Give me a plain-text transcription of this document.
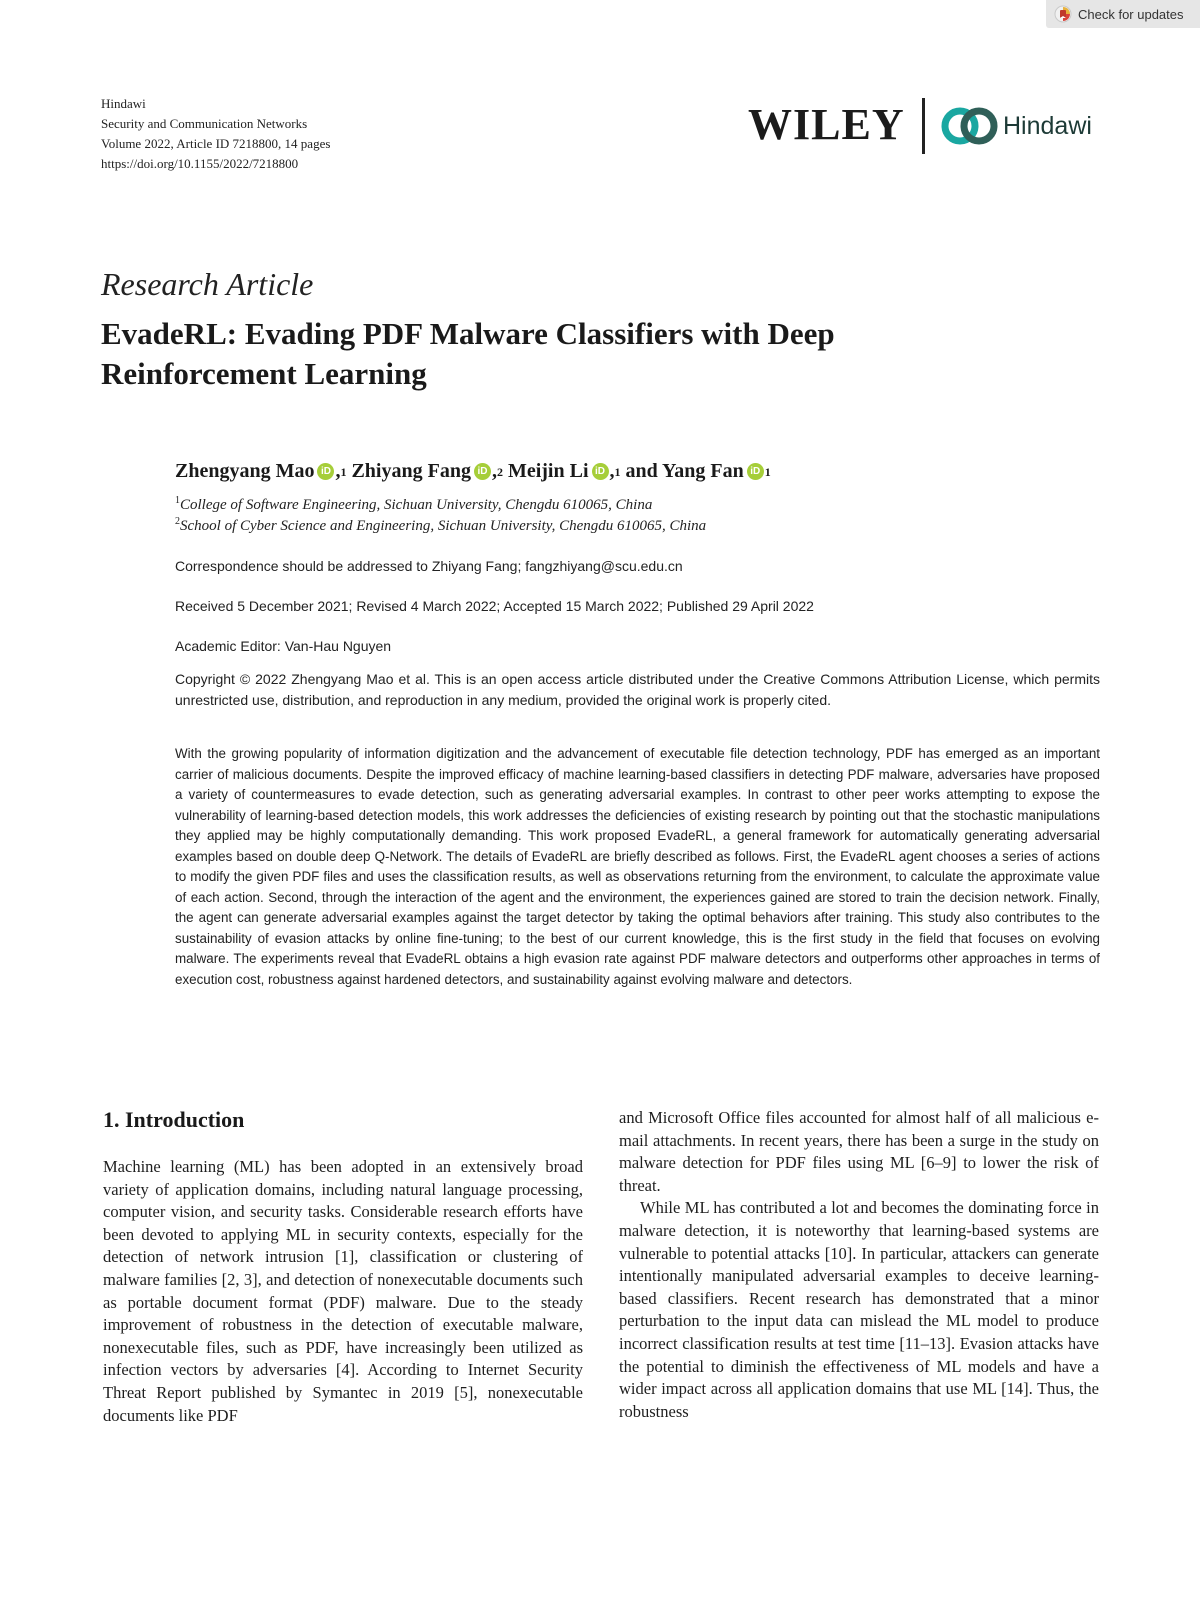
Check for updates
Hindawi
Security and Communication Networks
Volume 2022, Article ID 7218800, 14 pages
https://doi.org/10.1155/2022/7218800
WILEY	Hindawi
Research Article
EvadeRL: Evading PDF Malware Classifiers with Deep Reinforcement Learning
Zhengyang Mao iD , 1
Zhiyang Fang iD , 2
Meijin Li iD , 1
and Yang Fan iD 1
$^1$College of Software Engineering, Sichuan University, Chengdu 610065, China
$^2$School of Cyber Science and Engineering, Sichuan University, Chengdu 610065, China
Correspondence should be addressed to Zhiyang Fang; fangzhiyang@scu.edu.cn
Received 5 December 2021; Revised 4 March 2022; Accepted 15 March 2022; Published 29 April 2022
Academic Editor: Van-Hau Nguyen
Copyright © 2022 Zhengyang Mao et al. This is an open access article distributed under the Creative Commons Attribution License, which permits unrestricted use, distribution, and reproduction in any medium, provided the original work is properly cited.
With the growing popularity of information digitization and the advancement of executable file detection technology, PDF has emerged as an important carrier of malicious documents. Despite the improved efficacy of machine learning-based classifiers in detecting PDF malware, adversaries have proposed a variety of countermeasures to evade detection, such as generating adversarial examples. In contrast to other peer works attempting to expose the vulnerability of learning-based detection models, this work addresses the deficiencies of existing research by pointing out that the stochastic manipulations they applied may be highly computationally demanding. This work proposed EvadeRL, a general framework for automatically generating adversarial examples based on double deep Q-Network. The details of EvadeRL are briefly described as follows. First, the EvadeRL agent chooses a series of actions to modify the given PDF files and uses the classification results, as well as observations returning from the environment, to calculate the approximate value of each action. Second, through the interaction of the agent and the environment, the experiences gained are stored to train the decision network. Finally, the agent can generate adversarial examples against the target detector by taking the optimal behaviors after training. This study also contributes to the sustainability of evasion attacks by online fine-tuning; to the best of our current knowledge, this is the first study in the field that focuses on evolving malware. The experiments reveal that EvadeRL obtains a high evasion rate against PDF malware detectors and outperforms other approaches in terms of execution cost, robustness against hardened detectors, and sustainability against evolving malware and detectors.
1. Introduction

Machine learning (ML) has been adopted in an extensively broad variety of application domains, including natural language processing, computer vision, and security tasks. Considerable research efforts have been devoted to applying ML in security contexts, especially for the detection of network intrusion [1], classification or clustering of malware families [2, 3], and detection of nonexecutable documents such as portable document format (PDF) malware. Due to the steady improvement of robustness in the detection of executable malware, nonexecutable files, such as PDF, have increasingly been utilized as infection vectors by adversaries [4]. According to Internet Security Threat Report published by Symantec in 2019 [5], nonexecutable documents like PDF

and Microsoft Office files accounted for almost half of all malicious e-mail attachments. In recent years, there has been a surge in the study on malware detection for PDF files using ML [6–9] to lower the risk of threat.

While ML has contributed a lot and becomes the dominating force in malware detection, it is noteworthy that learning-based systems are vulnerable to potential attacks [10]. In particular, attackers can generate intentionally manipulated adversarial examples to deceive learning-based classifiers. Recent research has demonstrated that a minor perturbation to the input data can mislead the ML model to produce incorrect classification results at test time [11–13]. Evasion attacks have the potential to diminish the effectiveness of ML models and have a wider impact across all application domains that use ML [14]. Thus, the robustness
